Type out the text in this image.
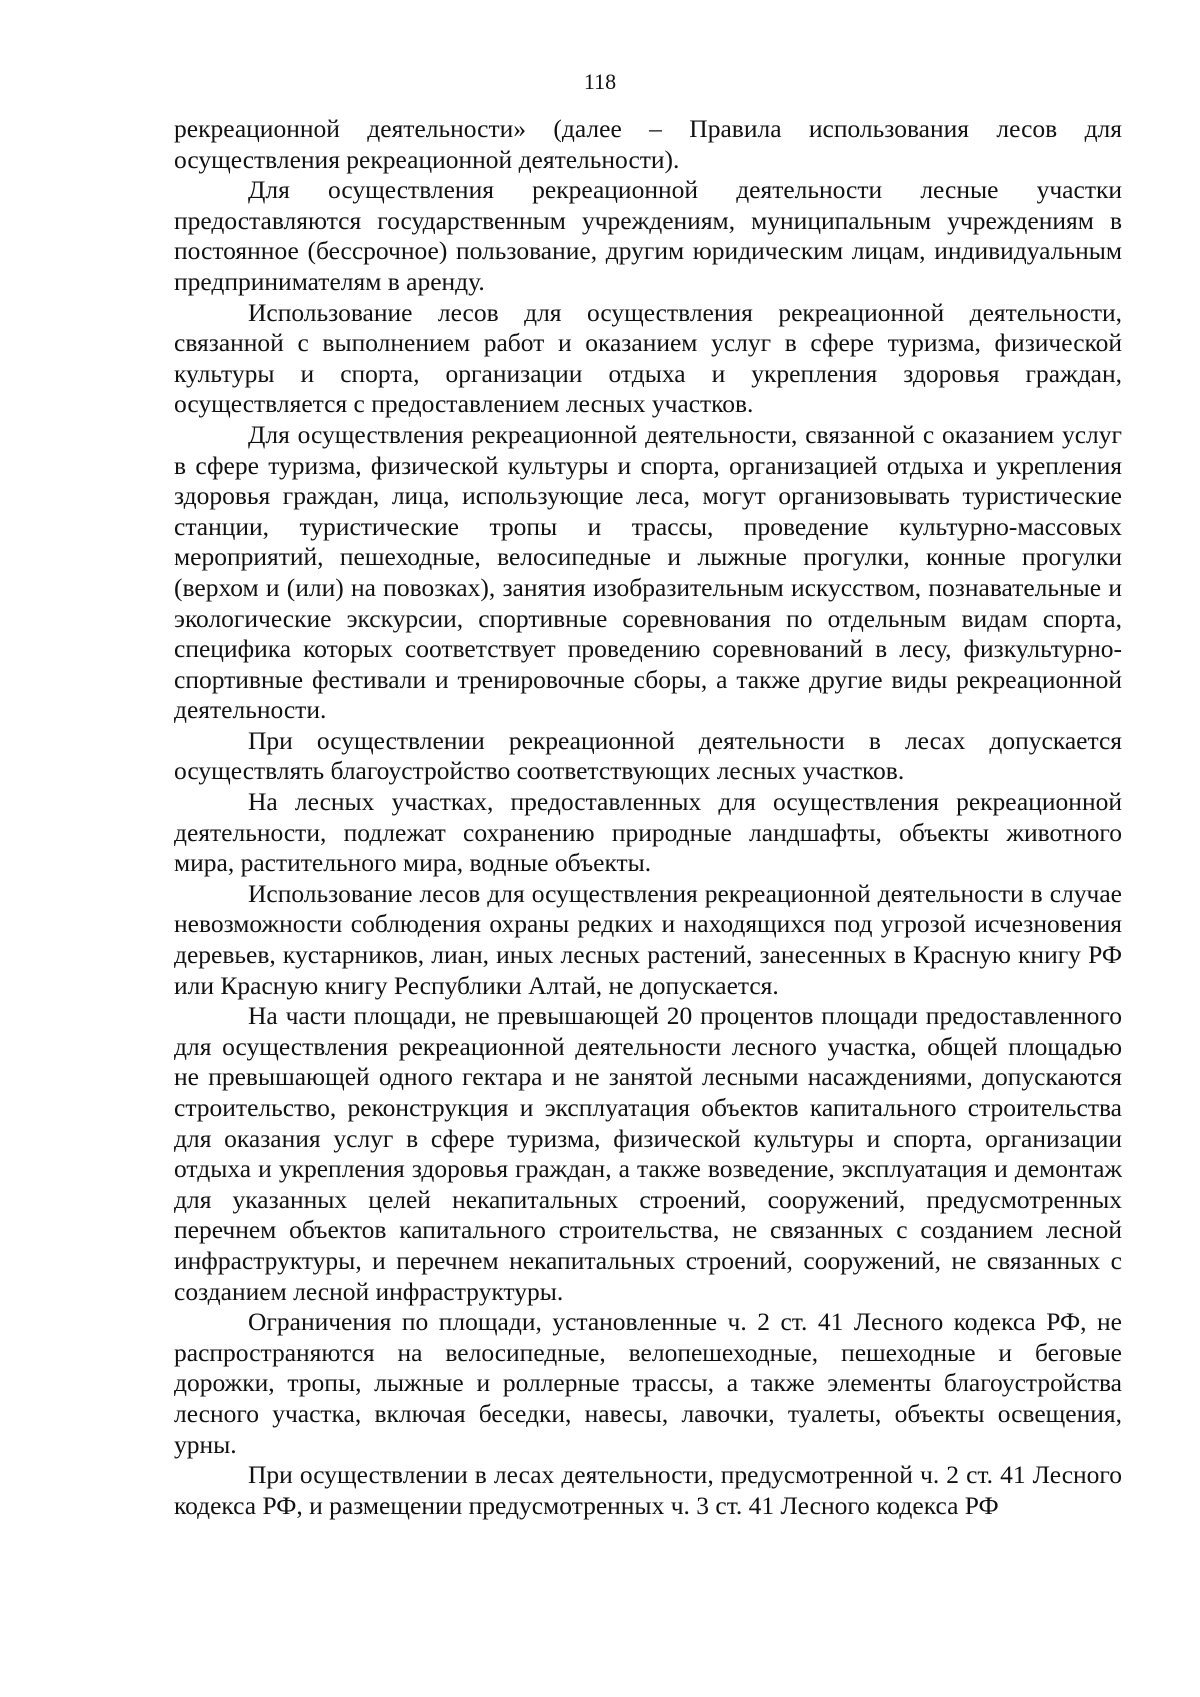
118

рекреационной деятельности» (далее – Правила использования лесов для осуществления рекреационной деятельности).

Для осуществления рекреационной деятельности лесные участки предоставляются государственным учреждениям, муниципальным учреждениям в постоянное (бессрочное) пользование, другим юридическим лицам, индивидуальным предпринимателям в аренду.

Использование лесов для осуществления рекреационной деятельности, связанной с выполнением работ и оказанием услуг в сфере туризма, физической культуры и спорта, организации отдыха и укрепления здоровья граждан, осуществляется с предоставлением лесных участков.

Для осуществления рекреационной деятельности, связанной с оказанием услуг в сфере туризма, физической культуры и спорта, организацией отдыха и укрепления здоровья граждан, лица, использующие леса, могут организовывать туристические станции, туристические тропы и трассы, проведение культурно-массовых мероприятий, пешеходные, велосипедные и лыжные прогулки, конные прогулки (верхом и (или) на повозках), занятия изобразительным искусством, познавательные и экологические экскурсии, спортивные соревнования по отдельным видам спорта, специфика которых соответствует проведению соревнований в лесу, физкультурно-спортивные фестивали и тренировочные сборы, а также другие виды рекреационной деятельности.

При осуществлении рекреационной деятельности в лесах допускается осуществлять благоустройство соответствующих лесных участков.

На лесных участках, предоставленных для осуществления рекреационной деятельности, подлежат сохранению природные ландшафты, объекты животного мира, растительного мира, водные объекты.

Использование лесов для осуществления рекреационной деятельности в случае невозможности соблюдения охраны редких и находящихся под угрозой исчезновения деревьев, кустарников, лиан, иных лесных растений, занесенных в Красную книгу РФ или Красную книгу Республики Алтай, не допускается.

На части площади, не превышающей 20 процентов площади предоставленного для осуществления рекреационной деятельности лесного участка, общей площадью не превышающей одного гектара и не занятой лесными насаждениями, допускаются строительство, реконструкция и эксплуатация объектов капитального строительства для оказания услуг в сфере туризма, физической культуры и спорта, организации отдыха и укрепления здоровья граждан, а также возведение, эксплуатация и демонтаж для указанных целей некапитальных строений, сооружений, предусмотренных перечнем объектов капитального строительства, не связанных с созданием лесной инфраструктуры, и перечнем некапитальных строений, сооружений, не связанных с созданием лесной инфраструктуры.

Ограничения по площади, установленные ч. 2 ст. 41 Лесного кодекса РФ, не распространяются на велосипедные, велопешеходные, пешеходные и беговые дорожки, тропы, лыжные и роллерные трассы, а также элементы благоустройства лесного участка, включая беседки, навесы, лавочки, туалеты, объекты освещения, урны.

При осуществлении в лесах деятельности, предусмотренной ч. 2 ст. 41 Лесного кодекса РФ, и размещении предусмотренных ч. 3 ст. 41 Лесного кодекса РФ
